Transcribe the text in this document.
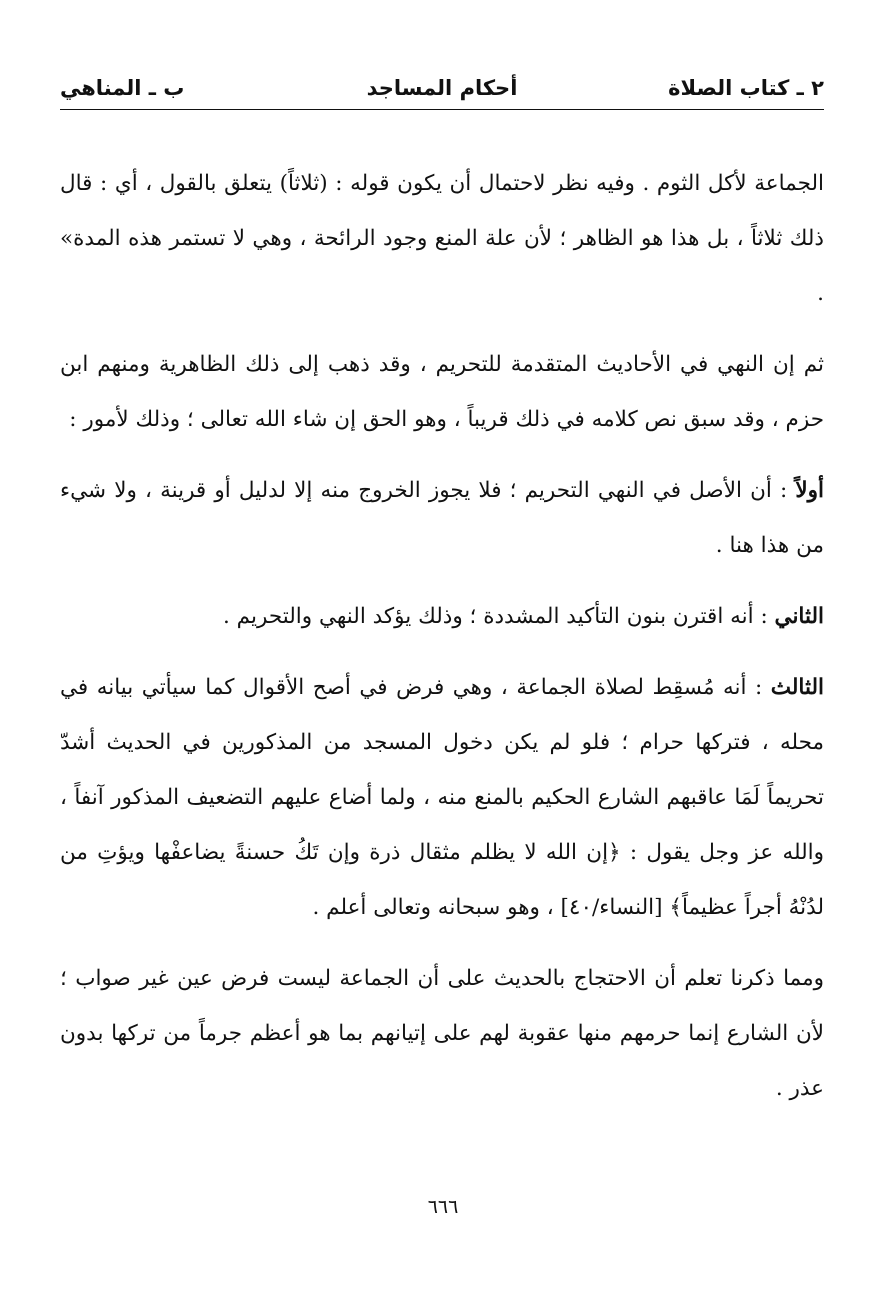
٢ ـ كتاب الصلاة
أحكام المساجد
ب ـ المناهي

الجماعة لأكل الثوم . وفيه نظر لاحتمال أن يكون قوله : (ثلاثاً) يتعلق بالقول ، أي : قال ذلك ثلاثاً ، بل هذا هو الظاهر ؛ لأن علة المنع وجود الرائحة ، وهي لا تستمر هذه المدة» .

ثم إن النهي في الأحاديث المتقدمة للتحريم ، وقد ذهب إلى ذلك الظاهرية ومنهم ابن حزم ، وقد سبق نص كلامه في ذلك قريباً ، وهو الحق إن شاء الله تعالى ؛ وذلك لأمور :

أولاً : أن الأصل في النهي التحريم ؛ فلا يجوز الخروج منه إلا لدليل أو قرينة ، ولا شيء من هذا هنا .

الثاني : أنه اقترن بنون التأكيد المشددة ؛ وذلك يؤكد النهي والتحريم .

الثالث : أنه مُسقِط لصلاة الجماعة ، وهي فرض في أصح الأقوال كما سيأتي بيانه في محله ، فتركها حرام ؛ فلو لم يكن دخول المسجد من المذكورين في الحديث أشدّ تحريماً لَمَا عاقبهم الشارع الحكيم بالمنع منه ، ولما أضاع عليهم التضعيف المذكور آنفاً ، والله عز وجل يقول : ﴿إن الله لا يظلم مثقال ذرة وإن تَكُ حسنةً يضاعفْها ويؤتِ من لدُنْهُ أجراً عظيماً﴾ [النساء/٤٠] ، وهو سبحانه وتعالى أعلم .

ومما ذكرنا تعلم أن الاحتجاج بالحديث على أن الجماعة ليست فرض عين غير صواب ؛ لأن الشارع إنما حرمهم منها عقوبة لهم على إتيانهم بما هو أعظم جرماً من تركها بدون عذر .

٦٦٦
